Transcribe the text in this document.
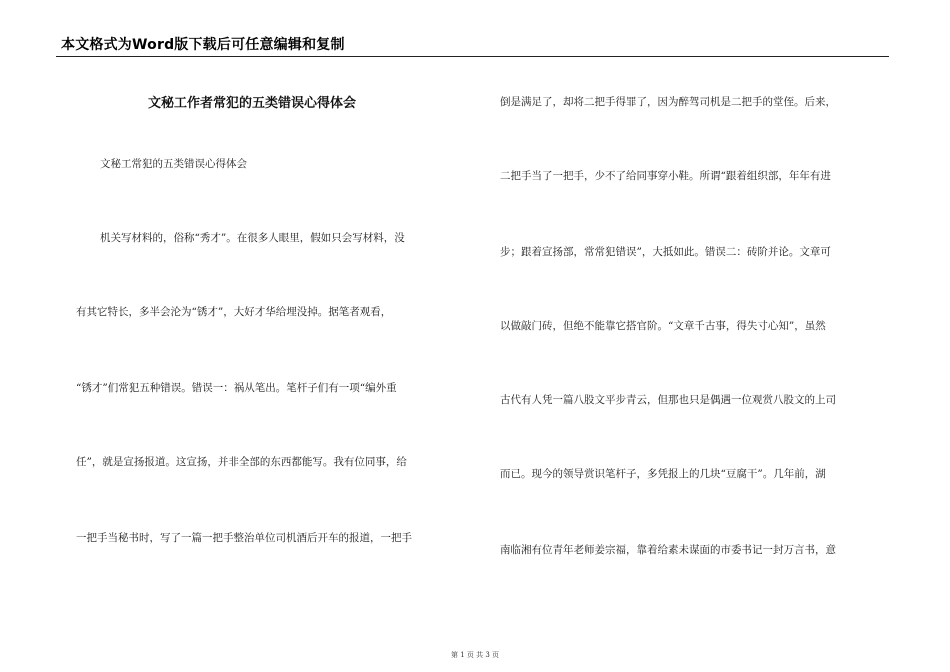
本文格式为Word版下载后可任意编辑和复制
文秘工作者常犯的五类错误心得体会
文秘工常犯的五类错误心得体会
机关写材料的，俗称“秀才”。在很多人眼里，假如只会写材料，没
有其它特长，多半会沦为“锈才”，大好才华给埋没掉。据笔者观看，
“锈才”们常犯五种错误。错误一：祸从笔出。笔杆子们有一项“编外重
任”，就是宣扬报道。这宣扬，并非全部的东西都能写。我有位同事，给
一把手当秘书时，写了一篇一把手整治单位司机酒后开车的报道，一把手
倒是满足了，却将二把手得罪了，因为醉驾司机是二把手的堂侄。后来，
二把手当了一把手，少不了给同事穿小鞋。所谓“跟着组织部，年年有进
步；跟着宣扬部，常常犯错误”，大抵如此。错误二：砖阶并论。文章可
以做敲门砖，但绝不能靠它搭官阶。“文章千古事，得失寸心知”，虽然
古代有人凭一篇八股文平步青云，但那也只是偶遇一位观赏八股文的上司
而已。现今的领导赏识笔杆子，多凭报上的几块“豆腐干”。几年前，湖
南临湘有位青年老师姜宗福，靠着给素未谋面的市委书记一封万言书，意
第 1 页 共 3 页
